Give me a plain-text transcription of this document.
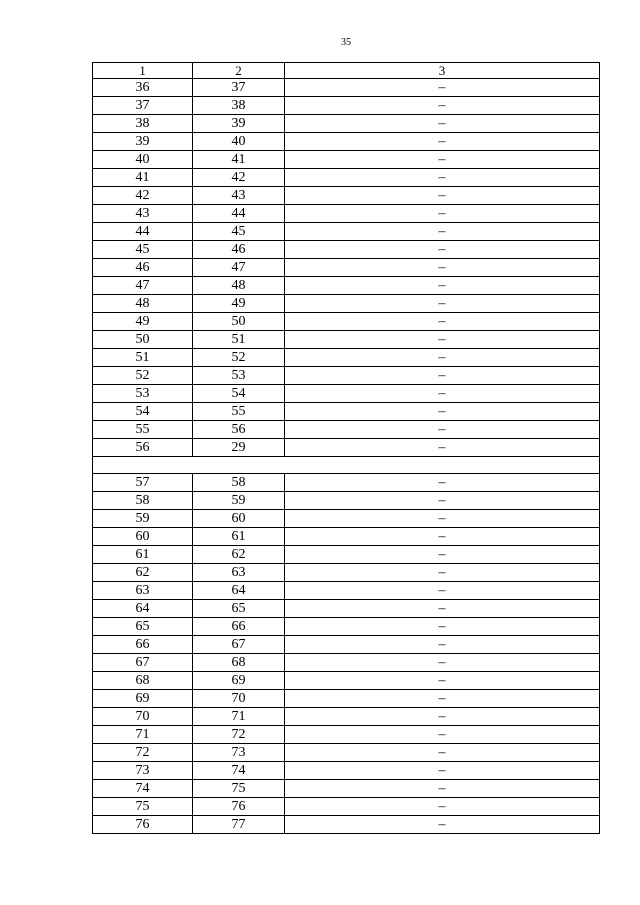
35
1	2	3
36	37	–
37	38	–
38	39	–
39	40	–
40	41	–
41	42	–
42	43	–
43	44	–
44	45	–
45	46	–
46	47	–
47	48	–
48	49	–
49	50	–
50	51	–
51	52	–
52	53	–
53	54	–
54	55	–
55	56	–
56	29	–

57	58	–
58	59	–
59	60	–
60	61	–
61	62	–
62	63	–
63	64	–
64	65	–
65	66	–
66	67	–
67	68	–
68	69	–
69	70	–
70	71	–
71	72	–
72	73	–
73	74	–
74	75	–
75	76	–
76	77	–
